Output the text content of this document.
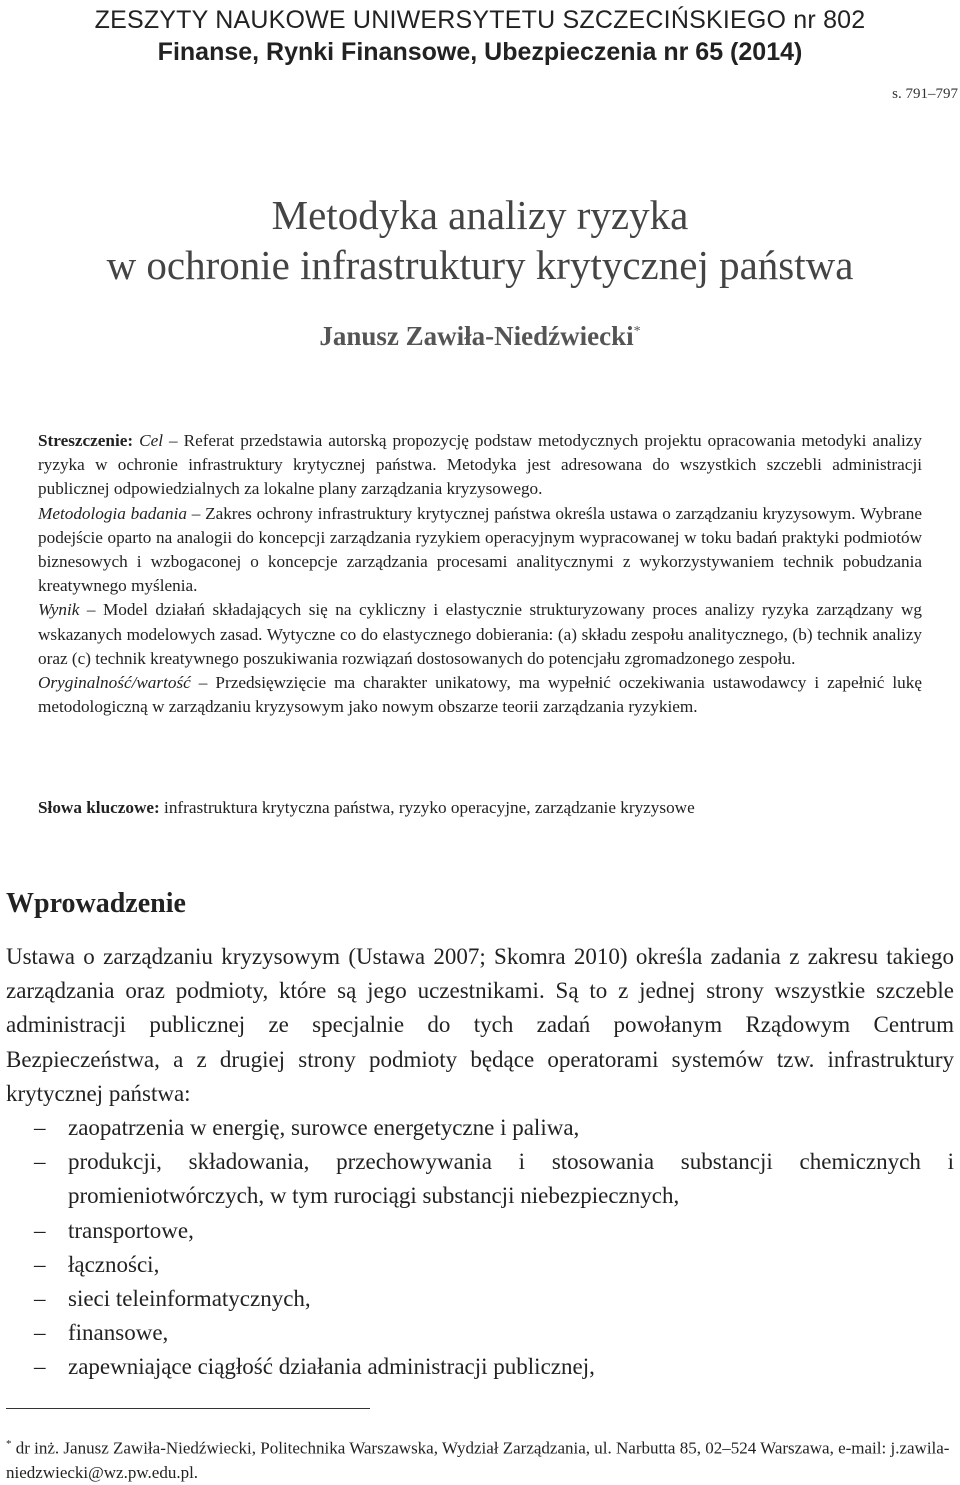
ZESZYTY NAUKOWE UNIWERSYTETU SZCZECIŃSKIEGO nr 802
Finanse, Rynki Finansowe, Ubezpieczenia nr 65 (2014)
s. 791–797
Metodyka analizy ryzyka
w ochronie infrastruktury krytycznej państwa
Janusz Zawiła-Niedźwiecki*

Streszczenie: Cel – Referat przedstawia autorską propozycję podstaw metodycznych projektu opracowania metodyki analizy ryzyka w ochronie infrastruktury krytycznej państwa. Metodyka jest adresowana do wszystkich szczebli administracji publicznej odpowiedzialnych za lokalne plany zarządzania kryzysowego.

Metodologia badania – Zakres ochrony infrastruktury krytycznej państwa określa ustawa o zarządzaniu kryzysowym. Wybrane podejście oparto na analogii do koncepcji zarządzania ryzykiem operacyjnym wypracowanej w toku badań praktyki podmiotów biznesowych i wzbogaconej o koncepcje zarządzania procesami analitycznymi z wykorzystywaniem technik pobudzania kreatywnego myślenia.

Wynik – Model działań składających się na cykliczny i elastycznie strukturyzowany proces analizy ryzyka zarządzany wg wskazanych modelowych zasad. Wytyczne co do elastycznego dobierania: (a) składu zespołu analitycznego, (b) technik analizy oraz (c) technik kreatywnego poszukiwania rozwiązań dostosowanych do potencjału zgromadzonego zespołu.

Oryginalność/wartość – Przedsięwzięcie ma charakter unikatowy, ma wypełnić oczekiwania ustawodawcy i zapełnić lukę metodologiczną w zarządzaniu kryzysowym jako nowym obszarze teorii zarządzania ryzykiem.

Słowa kluczowe: infrastruktura krytyczna państwa, ryzyko operacyjne, zarządzanie kryzysowe
Wprowadzenie

Ustawa o zarządzaniu kryzysowym (Ustawa 2007; Skomra 2010) określa zadania z zakresu takiego zarządzania oraz podmioty, które są jego uczestnikami. Są to z jednej strony wszystkie szczeble administracji publicznej ze specjalnie do tych zadań powołanym Rządowym Centrum Bezpieczeństwa, a z drugiej strony podmioty będące operatorami systemów tzw. infrastruktury krytycznej państwa:

– zaopatrzenia w energię, surowce energetyczne i paliwa,
– produkcji, składowania, przechowywania i stosowania substancji chemicznych i promieniotwórczych, w tym rurociągi substancji niebezpiecznych,
– transportowe,
– łączności,
– sieci teleinformatycznych,
– finansowe,
– zapewniające ciągłość działania administracji publicznej,
* dr inż. Janusz Zawiła-Niedźwiecki, Politechnika Warszawska, Wydział Zarządzania, ul. Narbutta 85, 02–524 Warszawa, e-mail: j.zawila-niedzwiecki@wz.pw.edu.pl.
